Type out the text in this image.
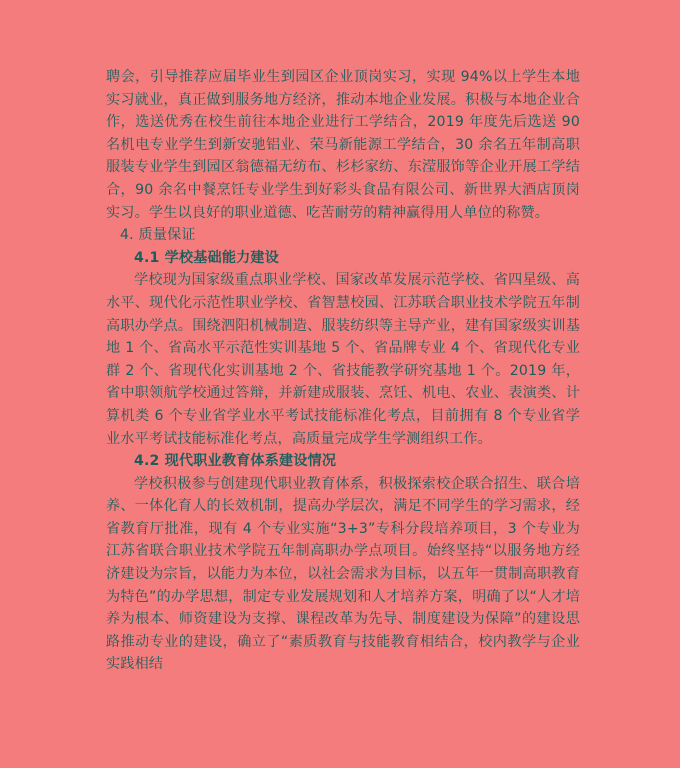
聘会，引导推荐应届毕业生到园区企业顶岗实习，实现 94%以上学生本地实习就业，真正做到服务地方经济，推动本地企业发展。积极与本地企业合作，选送优秀在校生前往本地企业进行工学结合，2019 年度先后选送 90 名机电专业学生到新安驰铝业、荣马新能源工学结合，30 余名五年制高职服装专业学生到园区翁德福无纺布、杉杉家纺、东滢服饰等企业开展工学结合，90 余名中餐烹饪专业学生到好彩头食品有限公司、新世界大酒店顶岗实习。学生以良好的职业道德、吃苦耐劳的精神赢得用人单位的称赞。

4. 质量保证

4.1 学校基础能力建设

学校现为国家级重点职业学校、国家改革发展示范学校、省四星级、高水平、现代化示范性职业学校、省智慧校园、江苏联合职业技术学院五年制高职办学点。围绕泗阳机械制造、服装纺织等主导产业，建有国家级实训基地 1 个、省高水平示范性实训基地 5 个、省品牌专业 4 个、省现代化专业群 2 个、省现代化实训基地 2 个、省技能教学研究基地 1 个。2019 年，省中职领航学校通过答辩，并新建成服装、烹饪、机电、农业、表演类、计算机类 6 个专业省学业水平考试技能标准化考点，目前拥有 8 个专业省学业水平考试技能标准化考点，高质量完成学生学测组织工作。

4.2 现代职业教育体系建设情况

学校积极参与创建现代职业教育体系，积极探索校企联合招生、联合培养、一体化育人的长效机制，提高办学层次，满足不同学生的学习需求，经省教育厅批准，现有 4 个专业实施“3+3”专科分段培养项目，3 个专业为江苏省联合职业技术学院五年制高职办学点项目。始终坚持“以服务地方经济建设为宗旨，以能力为本位，以社会需求为目标，以五年一贯制高职教育为特色”的办学思想，制定专业发展规划和人才培养方案，明确了以“人才培养为根本、师资建设为支撑、课程改革为先导、制度建设为保障”的建设思路推动专业的建设，确立了“素质教育与技能教育相结合，校内教学与企业实践相结
